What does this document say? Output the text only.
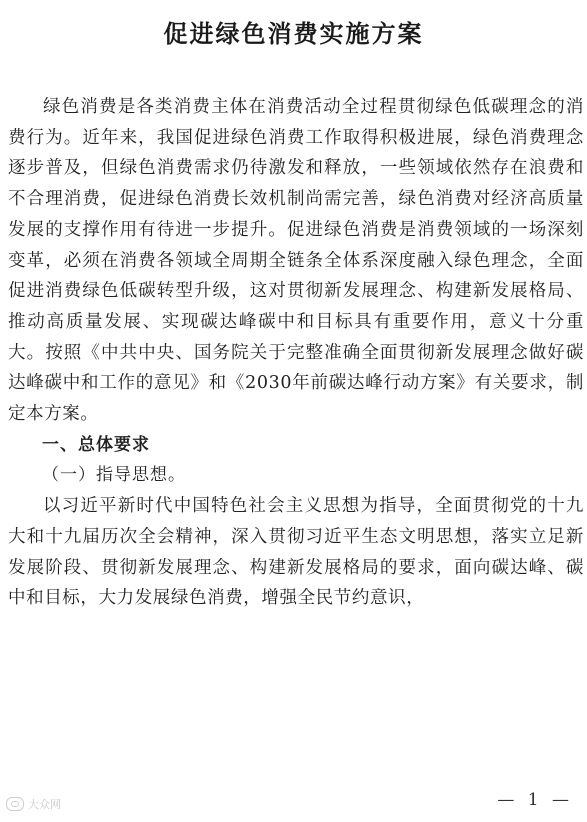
促进绿色消费实施方案

绿色消费是各类消费主体在消费活动全过程贯彻绿色低碳理念的消费行为。近年来，我国促进绿色消费工作取得积极进展，绿色消费理念逐步普及，但绿色消费需求仍待激发和释放，一些领域依然存在浪费和不合理消费，促进绿色消费长效机制尚需完善，绿色消费对经济高质量发展的支撑作用有待进一步提升。促进绿色消费是消费领域的一场深刻变革，必须在消费各领域全周期全链条全体系深度融入绿色理念，全面促进消费绿色低碳转型升级，这对贯彻新发展理念、构建新发展格局、推动高质量发展、实现碳达峰碳中和目标具有重要作用，意义十分重大。按照《中共中央、国务院关于完整准确全面贯彻新发展理念做好碳达峰碳中和工作的意见》和《2030年前碳达峰行动方案》有关要求，制定本方案。

一、总体要求

（一）指导思想。

以习近平新时代中国特色社会主义思想为指导，全面贯彻党的十九大和十九届历次全会精神，深入贯彻习近平生态文明思想，落实立足新发展阶段、贯彻新发展理念、构建新发展格局的要求，面向碳达峰、碳中和目标，大力发展绿色消费，增强全民节约意识，

大众网	— 1 —
